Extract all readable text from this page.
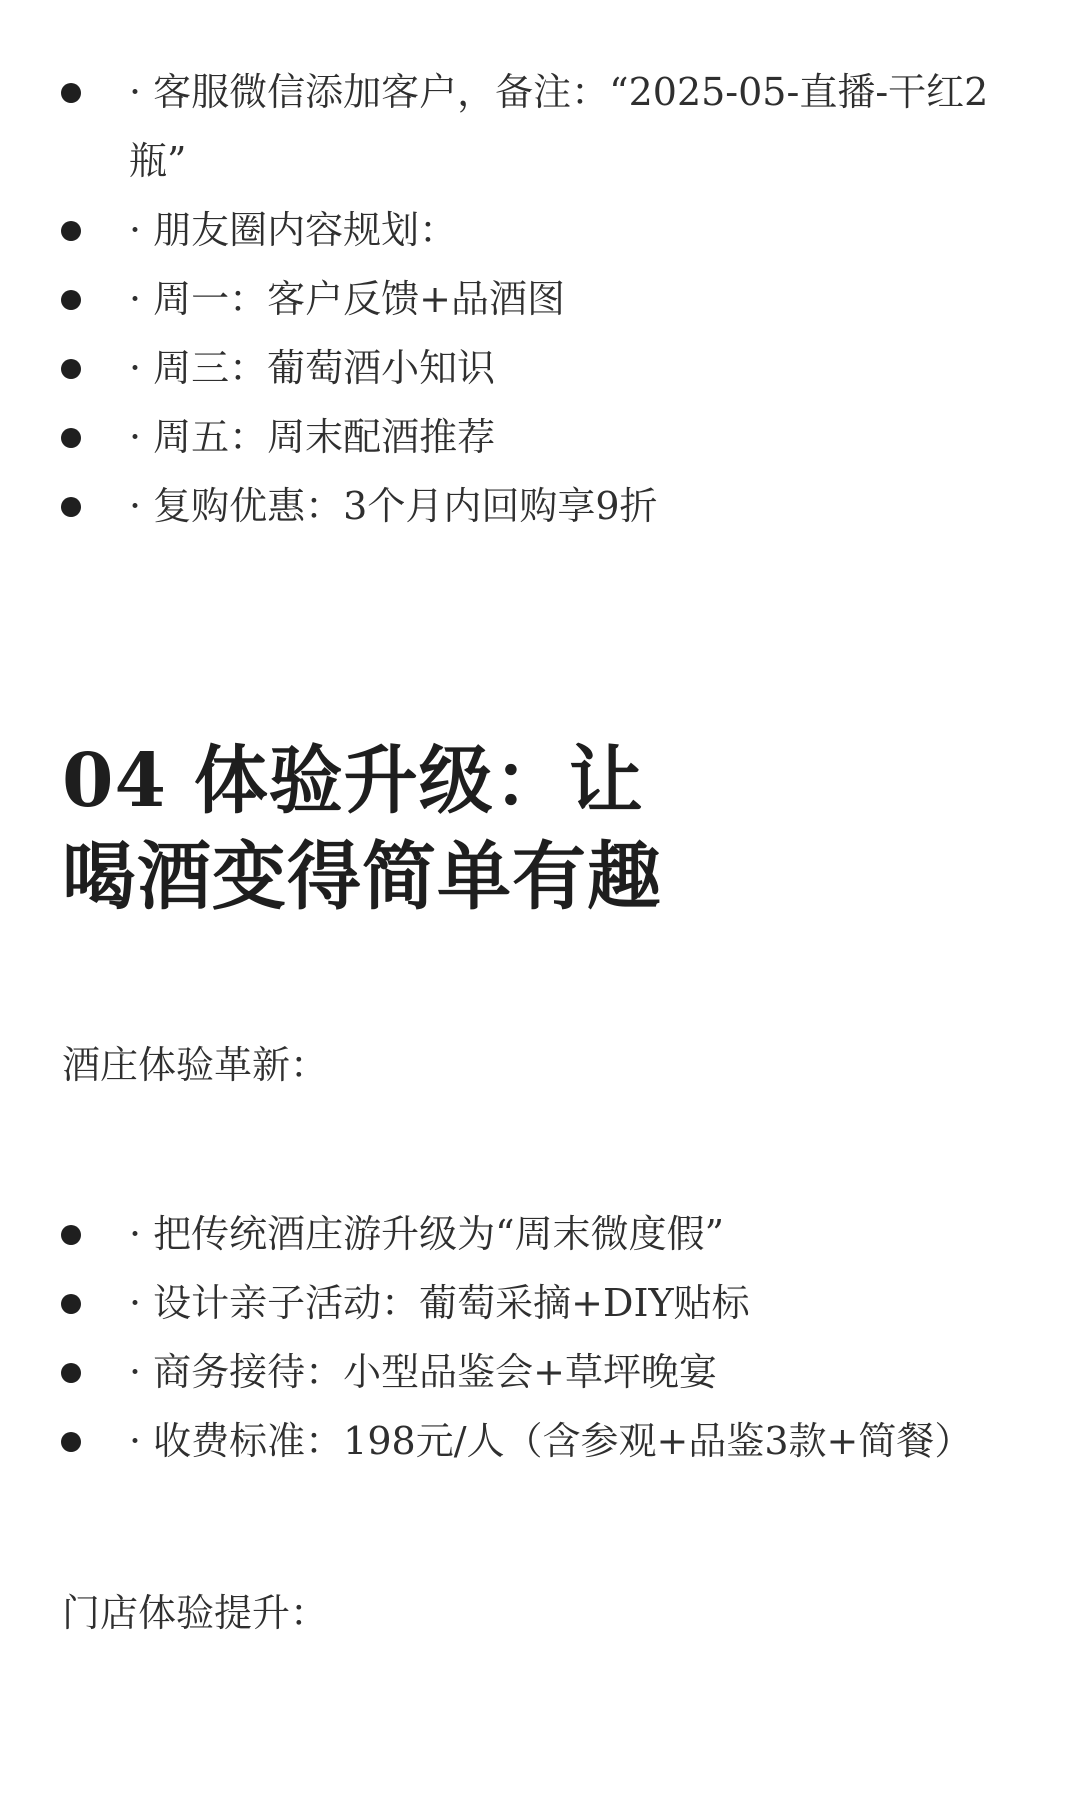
· 客服微信添加客户，备注：“2025-05-直播-干红2瓶”
· 朋友圈内容规划：
· 周一：客户反馈+品酒图
· 周三：葡萄酒小知识
· 周五：周末配酒推荐
· 复购优惠：3个月内回购享9折
04 体验升级：让
喝酒变得简单有趣
酒庄体验革新：
· 把传统酒庄游升级为“周末微度假”
· 设计亲子活动：葡萄采摘+DIY贴标
· 商务接待：小型品鉴会+草坪晚宴
· 收费标准：198元/人（含参观+品鉴3款+简餐）
门店体验提升：
